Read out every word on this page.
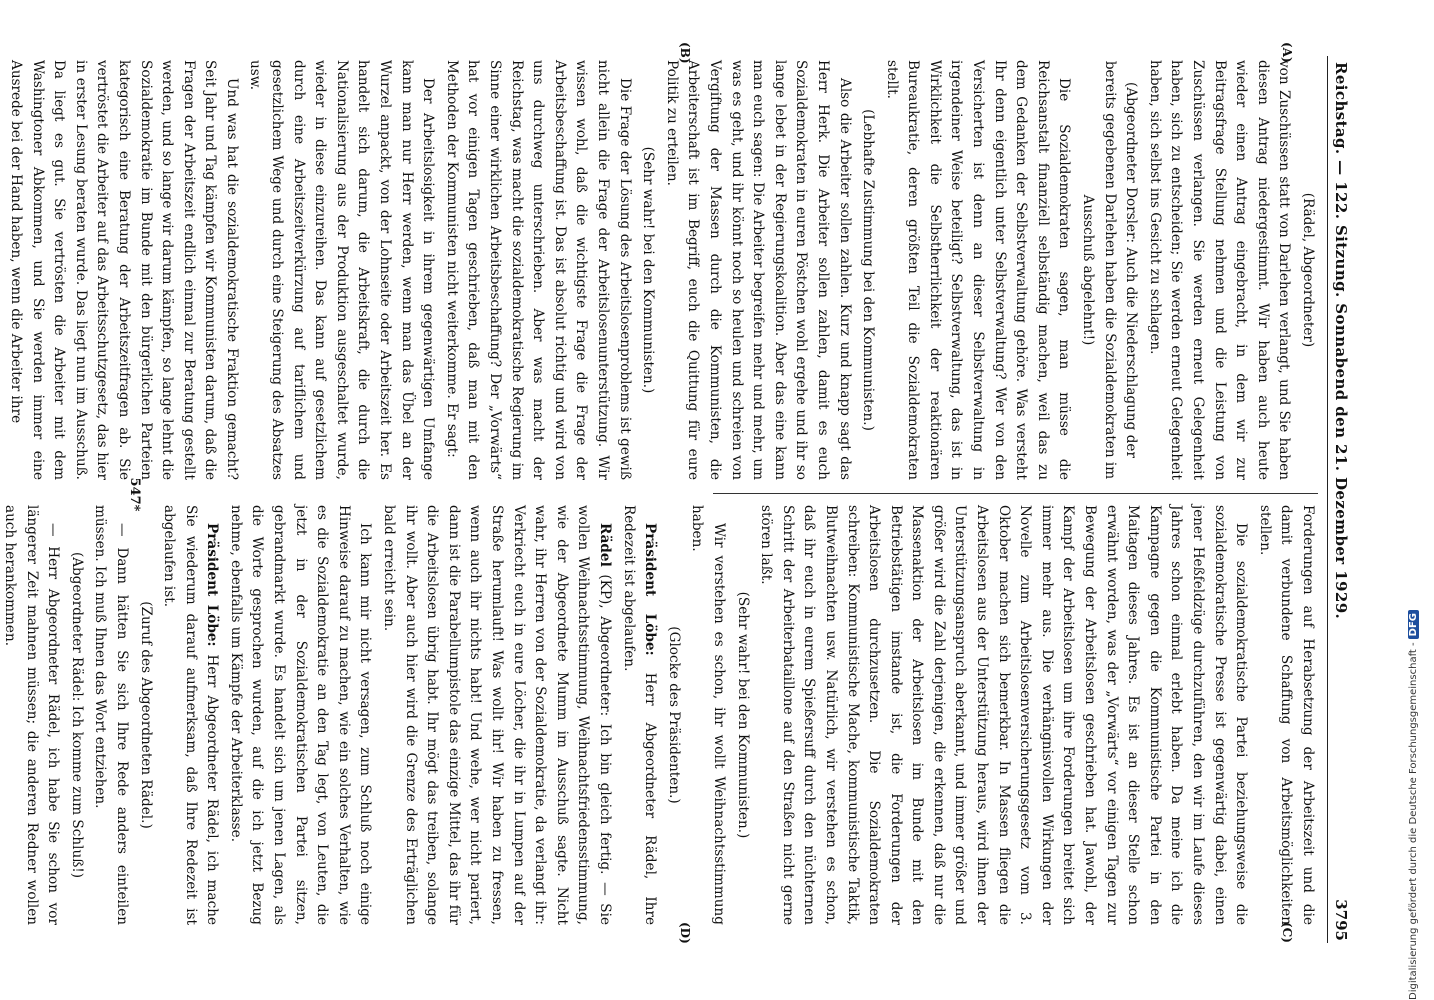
Reichstag. — 122. Sitzung. Sonnabend den 21. Dezember 1929.
3795
(A)
(B)
(C)
(D)

(Rädel, Abgeordneter)

von Zuschüssen statt von Darlehen verlangt, und Sie haben diesen Antrag niedergestimmt. Wir haben auch heute wieder einen Antrag eingebracht, in dem wir zur Beitragsfrage Stellung nehmen und die Leistung von Zuschüssen verlangen. Sie werden erneut Gelegenheit haben, sich zu entscheiden; Sie werden erneut Gelegenheit haben, sich selbst ins Gesicht zu schlagen.

(Abgeordneter Dorsler: Auch die Niederschlagung der bereits gegebenen Darlehen haben die Sozialdemokraten im Ausschuß abgelehnt!)

Die Sozialdemokraten sagen, man müsse die Reichsanstalt finanziell selbständig machen, weil das zu dem Gedanken der Selbstverwaltung gehöre. Was versteht Ihr denn eigentlich unter Selbstverwaltung? Wer von den Versicherten ist denn an dieser Selbstverwaltung in irgendeiner Weise beteiligt? Selbstverwaltung, das ist in Wirklichkeit die Selbstherrlichkeit der reaktionären Bureaukratie, deren größten Teil die Sozialdemokraten stellt.

(Lebhafte Zustimmung bei den Kommunisten.)

Also die Arbeiter sollen zahlen. Kurz und knapp sagt das Herr Herk. Die Arbeiter sollen zahlen, damit es euch Sozialdemokraten in euren Pöstchen wohl ergehe und ihr so lange lebet in der Regierungskoalition. Aber das eine kann man euch sagen: Die Arbeiter begreifen mehr und mehr, um was es geht, und ihr könnt noch so heulen und schreien von Vergiftung der Massen durch die Kommunisten, die Arbeiterschaft ist im Begriff, euch die Quittung für eure Politik zu erteilen.

(Sehr wahr! bei den Kommunisten.)

Die Frage der Lösung des Arbeitslosenproblems ist gewiß nicht allein die Frage der Arbeitslosenunterstützung. Wir wissen wohl, daß die wichtigste Frage die Frage der Arbeitsbeschaffung ist. Das ist absolut richtig und wird von uns durchweg unterschrieben. Aber was macht der Reichstag, was macht die sozialdemokratische Regierung im Sinne einer wirklichen Arbeitsbeschaffung? Der „Vorwärts“ hat vor einigen Tagen geschrieben, daß man mit den Methoden der Kommunisten nicht weiterkomme. Er sagt:

Der Arbeitslosigkeit in ihrem gegenwärtigen Umfange kann man nur Herr werden, wenn man das Übel an der Wurzel anpackt, von der Lohnseite oder Arbeitszeit her. Es handelt sich darum, die Arbeitskraft, die durch die Nationalisierung aus der Produktion ausgeschaltet wurde, wieder in diese einzureihen. Das kann auf gesetzlichem durch eine Arbeitszeitverkürzung auf tariflichem und gesetzlichem Wege und durch eine Steigerung des Absatzes usw.

Und was hat die sozialdemokratische Fraktion gemacht? Seit Jahr und Tag kämpfen wir Kommunisten darum, daß die Fragen der Arbeitszeit endlich einmal zur Beratung gestellt werden, und so lange wir darum kämpfen, so lange lehnt die Sozialdemokratie im Bunde mit den bürgerlichen Parteien kategorisch eine Beratung der Arbeitszeitfragen ab. Sie vertröstet die Arbeiter auf das Arbeitsschutzgesetz, das hier in erster Lesung beraten wurde. Das liegt nun im Ausschuß. Da liegt es gut. Sie vertrösten die Arbeiter mit dem Washingtoner Abkommen, und Sie werden immer eine Ausrede bei der Hand haben, wenn die Arbeiter ihre

Forderungen auf Herabsetzung der Arbeitszeit und die damit verbundene Schaffung von Arbeitsmöglichkeiten stellen.

Die sozialdemokratische Partei beziehungsweise die sozialdemokratische Presse ist gegenwärtig dabei, einen jener Heßfeldzüge durchzuführen, den wir im Laufe dieses Jahres schon einmal erlebt haben. Da meine ich die Kampagne gegen die Kommunistische Partei in den Maitagen dieses Jahres. Es ist an dieser Stelle schon erwähnt worden, was der „Vorwärts“ vor einigen Tagen zur Bewegung der Arbeitslosen geschrieben hat. Jawohl, der Kampf der Arbeitslosen um ihre Forderungen breitet sich immer mehr aus. Die verhängnisvollen Wirkungen der Novelle zum Arbeitslosenversicherungsgesetz vom 3. Oktober machen sich bemerkbar. In Massen fliegen die Arbeitslosen aus der Unterstützung heraus, wird ihnen der Unterstützungsanspruch aberkannt, und immer größer und größer wird die Zahl derjenigen, die erkennen, daß nur die Massenaktion der Arbeitslosen im Bunde mit den Betriebstätigen imstande ist, die Forderungen der Arbeitslosen durchzusetzen. Die Sozialdemokraten schreiben: Kommunistische Mache, kommunistische Taktik, Blutweihnachten usw. Natürlich, wir verstehen es schon, daß ihr euch in eurem Spießersuff durch den nüchternen Schritt der Arbeiterbataillone auf den Straßen nicht gerne stören laßt.

(Sehr wahr! bei den Kommunisten.)

Wir verstehen es schon, ihr wollt Weihnachtsstimmung haben.

(Glocke des Präsidenten.)

Präsident Löbe: Herr Abgeordneter Rädel, Ihre Redezeit ist abgelaufen.

Rädel (KP), Abgeordneter: Ich bin gleich fertig. — Sie wollen Weihnachtsstimmung, Weihnachtsfriedensstimmung, wie der Abgeordnete Mumm im Ausschuß sagte. Nicht wahr, ihr Herren von der Sozialdemokratie, da verlangt ihr: Verkriecht euch in eure Löcher, die ihr in Lumpen auf der Straße herumlauft! Was wollt ihr! Wir haben zu fressen, wenn auch ihr nichts habt! Und wehe, wer nicht pariert, dann ist die Parabellumpistole das einzige Mittel, das ihr für die Arbeitslosen übrig habt. Ihr mögt das treiben, solange ihr wollt. Aber auch hier wird die Grenze des Erträglichen bald erreicht sein.

Ich kann mir nicht versagen, zum Schluß noch einige Hinweise darauf zu machen, wie ein solches Verhalten, wie es die Sozialdemokratie an den Tag legt, von Leuten, die jetzt in der Sozialdemokratischen Partei sitzen, gebrandmarkt wurde. Es handelt sich um jenen Lagen, als die Worte gesprochen wurden, auf die ich jetzt Bezug nehme, ebenfalls um Kämpfe der Arbeiterklasse.

Präsident Löbe: Herr Abgeordneter Rädel, ich mache Sie wiederum darauf aufmerksam, daß Ihre Redezeit ist abgelaufen ist.

(Zuruf des Abgeordneten Rädel.)

— Dann hätten Sie sich Ihre Rede anders einteilen müssen. Ich muß Ihnen das Wort entziehen.

(Abgeordneter Rädel: Ich komme zum Schluß!)

— Herr Abgeordneter Rädel, ich habe Sie schon vor längerer Zeit mahnen müssen; die anderen Redner wollen auch herankommen.

547*
Digitalisierung gefördert durch die Deutsche Forschungsgemeinschaft -DFG
